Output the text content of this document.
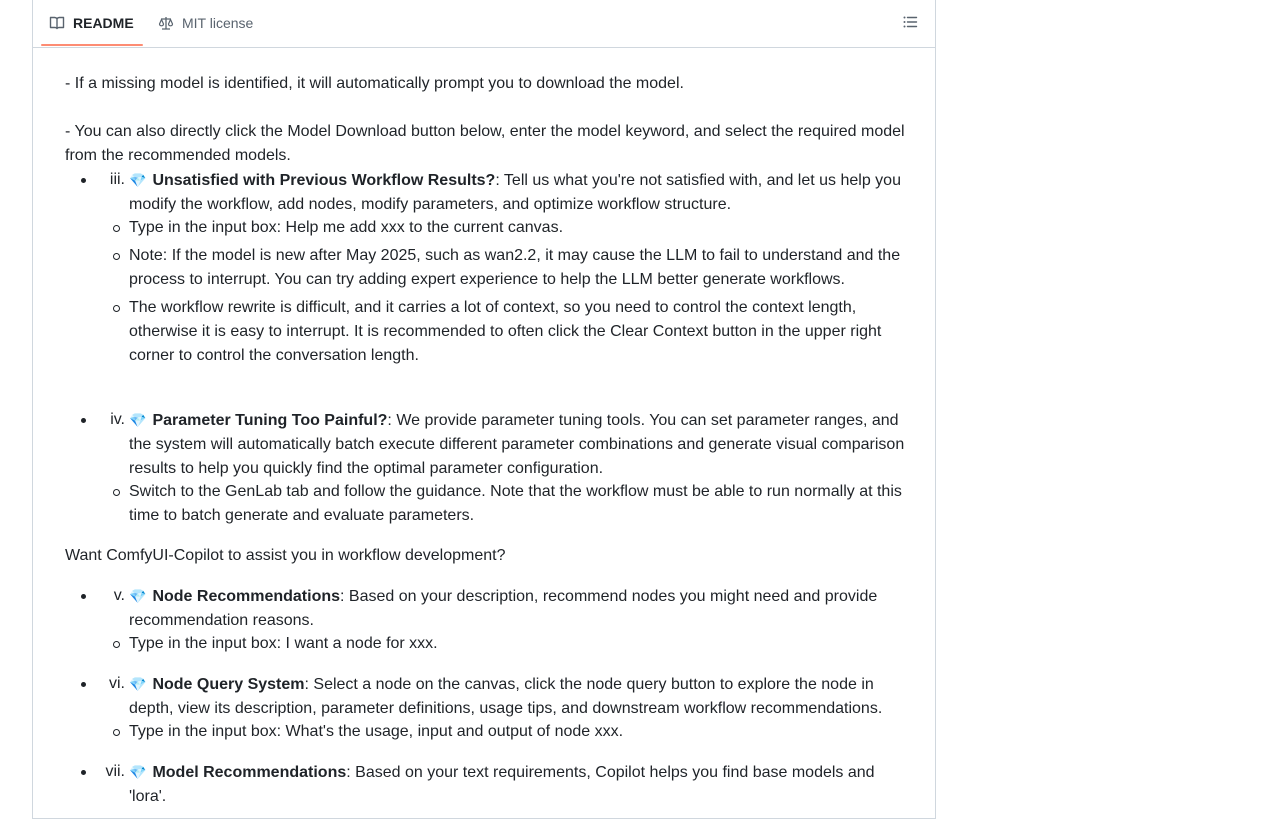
- If a missing model is identified, it will automatically prompt you to download the model.

- You can also directly click the Model Download button below, enter the model keyword, and select the required model from the recommended models.

iii. 💎 Unsatisfied with Previous Workflow Results?: Tell us what you're not satisfied with, and let us help you modify the workflow, add nodes, modify parameters, and optimize workflow structure.
Type in the input box: Help me add xxx to the current canvas.
Note: If the model is new after May 2025, such as wan2.2, it may cause the LLM to fail to understand and the process to interrupt. You can try adding expert experience to help the LLM better generate workflows.
The workflow rewrite is difficult, and it carries a lot of context, so you need to control the context length, otherwise it is easy to interrupt. It is recommended to often click the Clear Context button in the upper right corner to control the conversation length.
iv. 💎 Parameter Tuning Too Painful?: We provide parameter tuning tools. You can set parameter ranges, and the system will automatically batch execute different parameter combinations and generate visual comparison results to help you quickly find the optimal parameter configuration.
Switch to the GenLab tab and follow the guidance. Note that the workflow must be able to run normally at this time to batch generate and evaluate parameters.

Want ComfyUI-Copilot to assist you in workflow development?

v. 💎 Node Recommendations: Based on your description, recommend nodes you might need and provide recommendation reasons.
Type in the input box: I want a node for xxx.
vi. 💎 Node Query System: Select a node on the canvas, click the node query button to explore the node in depth, view its description, parameter definitions, usage tips, and downstream workflow recommendations.
Type in the input box: What's the usage, input and output of node xxx.
vii. 💎 Model Recommendations: Based on your text requirements, Copilot helps you find base models and 'lora'.
README	MIT license
